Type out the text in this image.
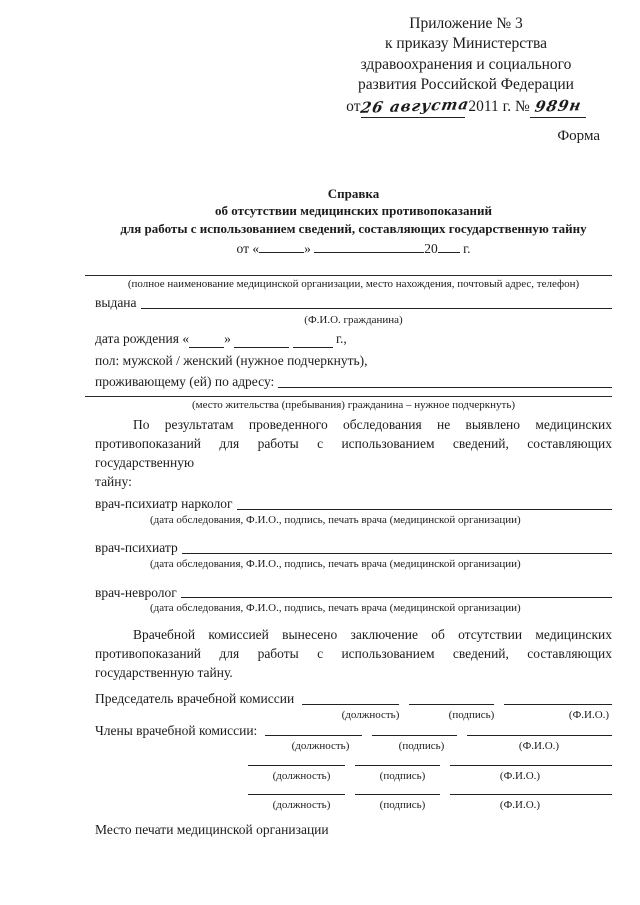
Приложение № 3
к приказу Министерства
здравоохранения и социального
развития Российской Федерации
от26 августа 2011 г. № 989н
Форма
Справка
об отсутствии медицинских противопоказаний
для работы с использованием сведений, составляющих государственную тайну
от «	»	20 г.
(полное наименование медицинской организации, место нахождения, почтовый адрес, телефон)
выдана
(Ф.И.О. гражданина)
дата рождения «	»

	г.,
пол: мужской / женский (нужное подчеркнуть),
проживающему (ей) по адресу:
(место жительства (пребывания) гражданина – нужное подчеркнуть)
По результатам проведенного обследования не выявлено медицинских
противопоказаний для работы с использованием сведений, составляющих государственную
тайну:
врач-психиатр нарколог
(дата обследования, Ф.И.О., подпись, печать врача (медицинской организации)
врач-психиатр
(дата обследования, Ф.И.О., подпись, печать врача (медицинской организации)
врач-невролог
(дата обследования, Ф.И.О., подпись, печать врача (медицинской организации)
Врачебной комиссией вынесено заключение об отсутствии медицинских
противопоказаний для работы с использованием сведений, составляющих
государственную тайну.
Председатель врачебной комиссии
(должность)	(подпись)	(Ф.И.О.)
Члены врачебной комиссии:
(должность)	(подпись)	(Ф.И.О.)
(должность)	(подпись)	(Ф.И.О.)
(должность)	(подпись)	(Ф.И.О.)
Место печати медицинской организации
